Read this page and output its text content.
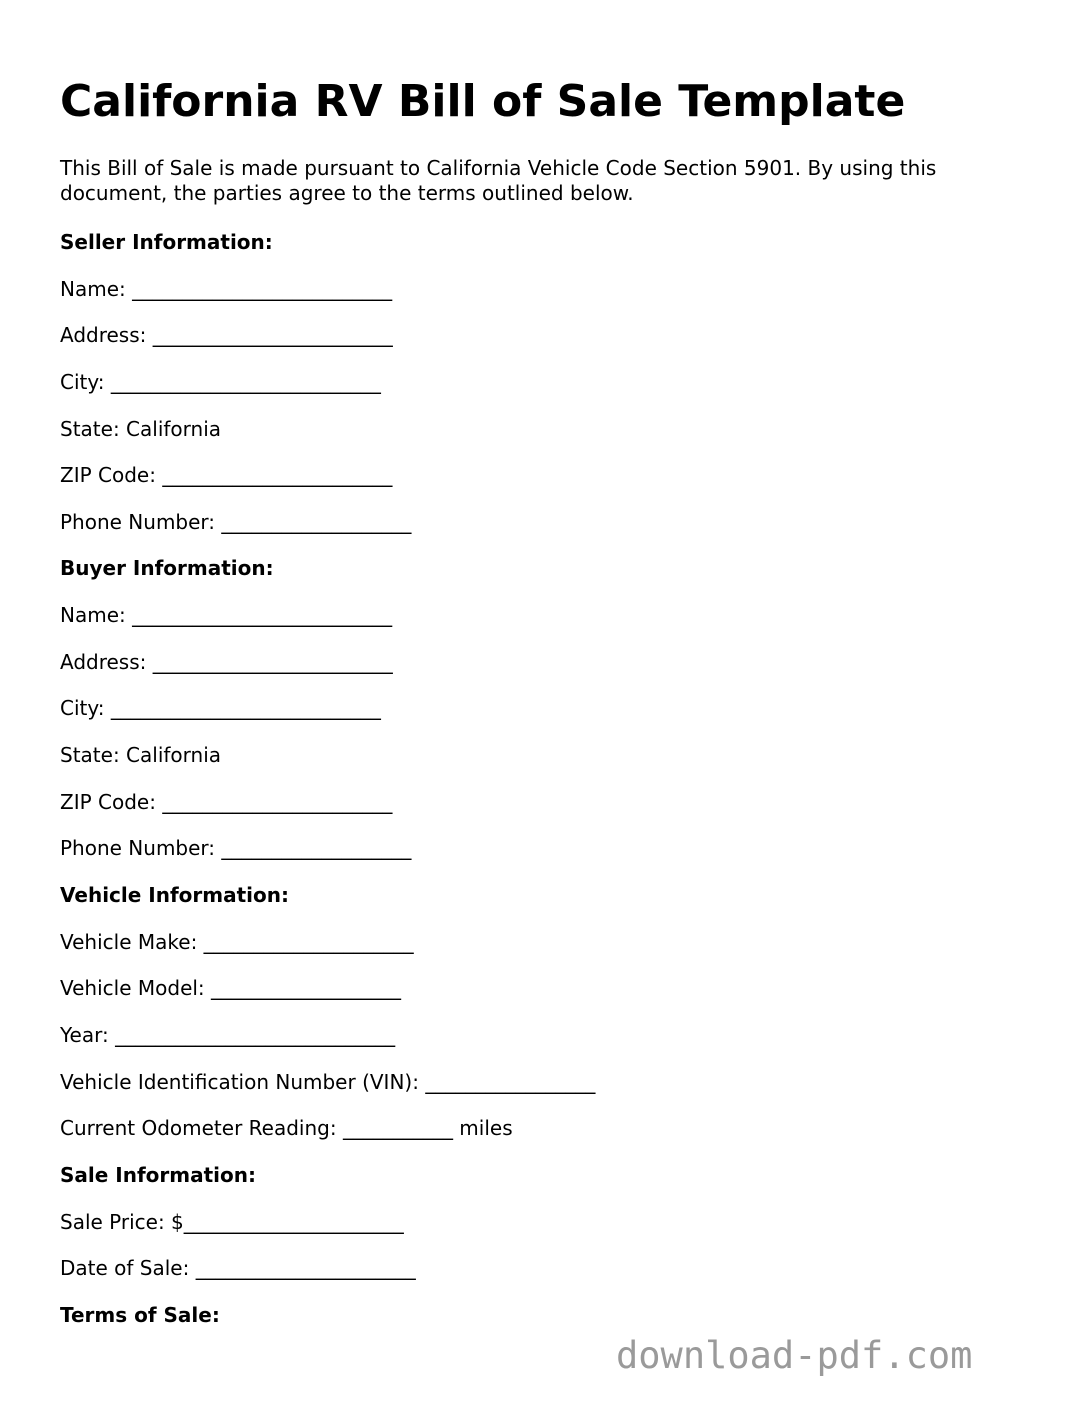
California RV Bill of Sale Template

This Bill of Sale is made pursuant to California Vehicle Code Section 5901. By using this document, the parties agree to the terms outlined below.

Seller Information:

Name: __________________________

Address: ________________________

City: ___________________________

State: California

ZIP Code: _______________________

Phone Number: ___________________

Buyer Information:

Name: __________________________

Address: ________________________

City: ___________________________

State: California

ZIP Code: _______________________

Phone Number: ___________________

Vehicle Information:

Vehicle Make: _____________________

Vehicle Model: ___________________

Year: ____________________________

Vehicle Identification Number (VIN): _________________

Current Odometer Reading: ___________ miles

Sale Information:

Sale Price: $______________________

Date of Sale: ______________________

Terms of Sale:

download-pdf.com
